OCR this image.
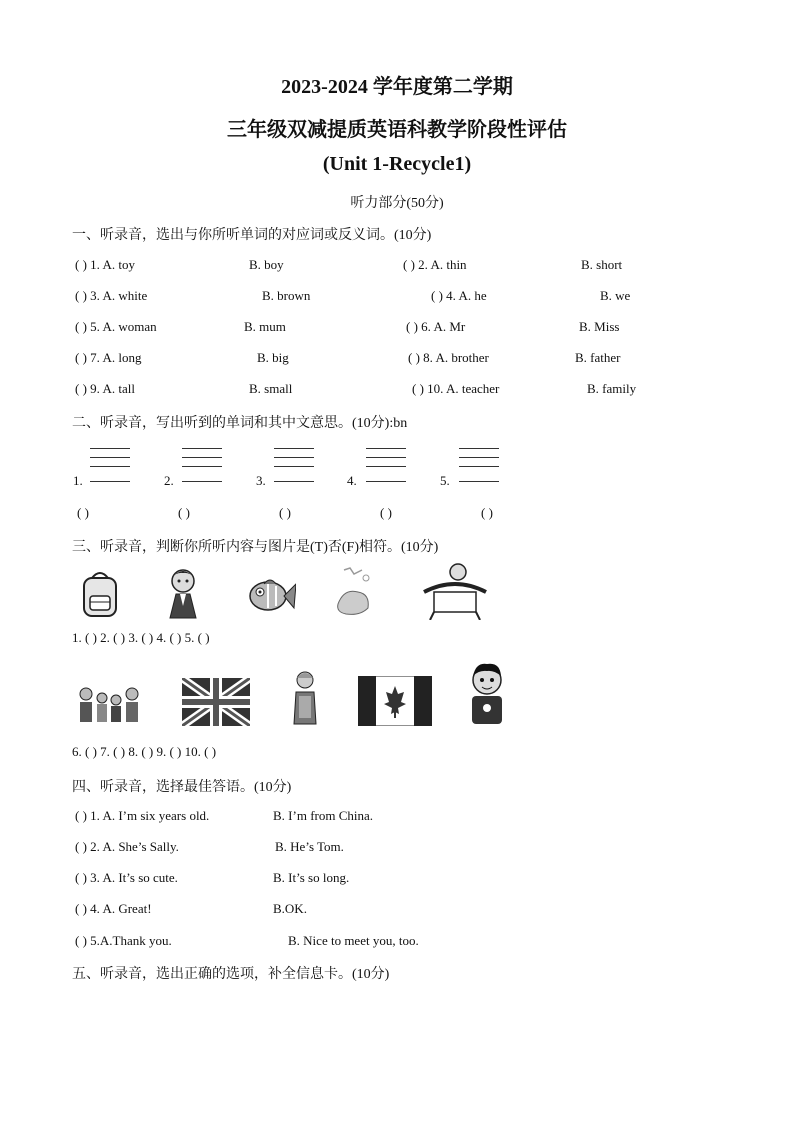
2023-2024 学年度第二学期
三年级双减提质英语科教学阶段性评估
(Unit 1-Recycle1)
听力部分(50分)
一、听录音，选出与你所听单词的对应词或反义词。(10分)
( ) 1. A. toy	B. boy	( ) 2. A. thin	B. short
( ) 3. A. white	B. brown	( ) 4. A. he	B. we
( ) 5. A. woman	B. mum	( ) 6. A. Mr	B. Miss
( ) 7. A. long	B. big	( ) 8. A. brother	B. father
( ) 9. A. tall	B. small	( ) 10. A. teacher	B. family
二、听录音，写出听到的单词和其中文意思。(10分):bn
1.	2.	3.	4.	5.
( )	( )	( )	( )	( )
三、听录音，判断你所听内容与图片是(T)否(F)相符。(10分)
1. ( ) 2. ( ) 3. ( ) 4. ( ) 5. ( )
6. ( ) 7. ( ) 8. ( ) 9. ( ) 10. ( )
四、听录音，选择最佳答语。(10分)
( ) 1. A. I’m six years old.	B. I’m from China.
( ) 2. A. She’s Sally.	B. He’s Tom.
( ) 3. A. It’s so cute.	B. It’s so long.
( ) 4. A. Great!	B.OK.
( ) 5.A.Thank you.	B. Nice to meet you, too.
五、听录音，选出正确的选项，补全信息卡。(10分)
